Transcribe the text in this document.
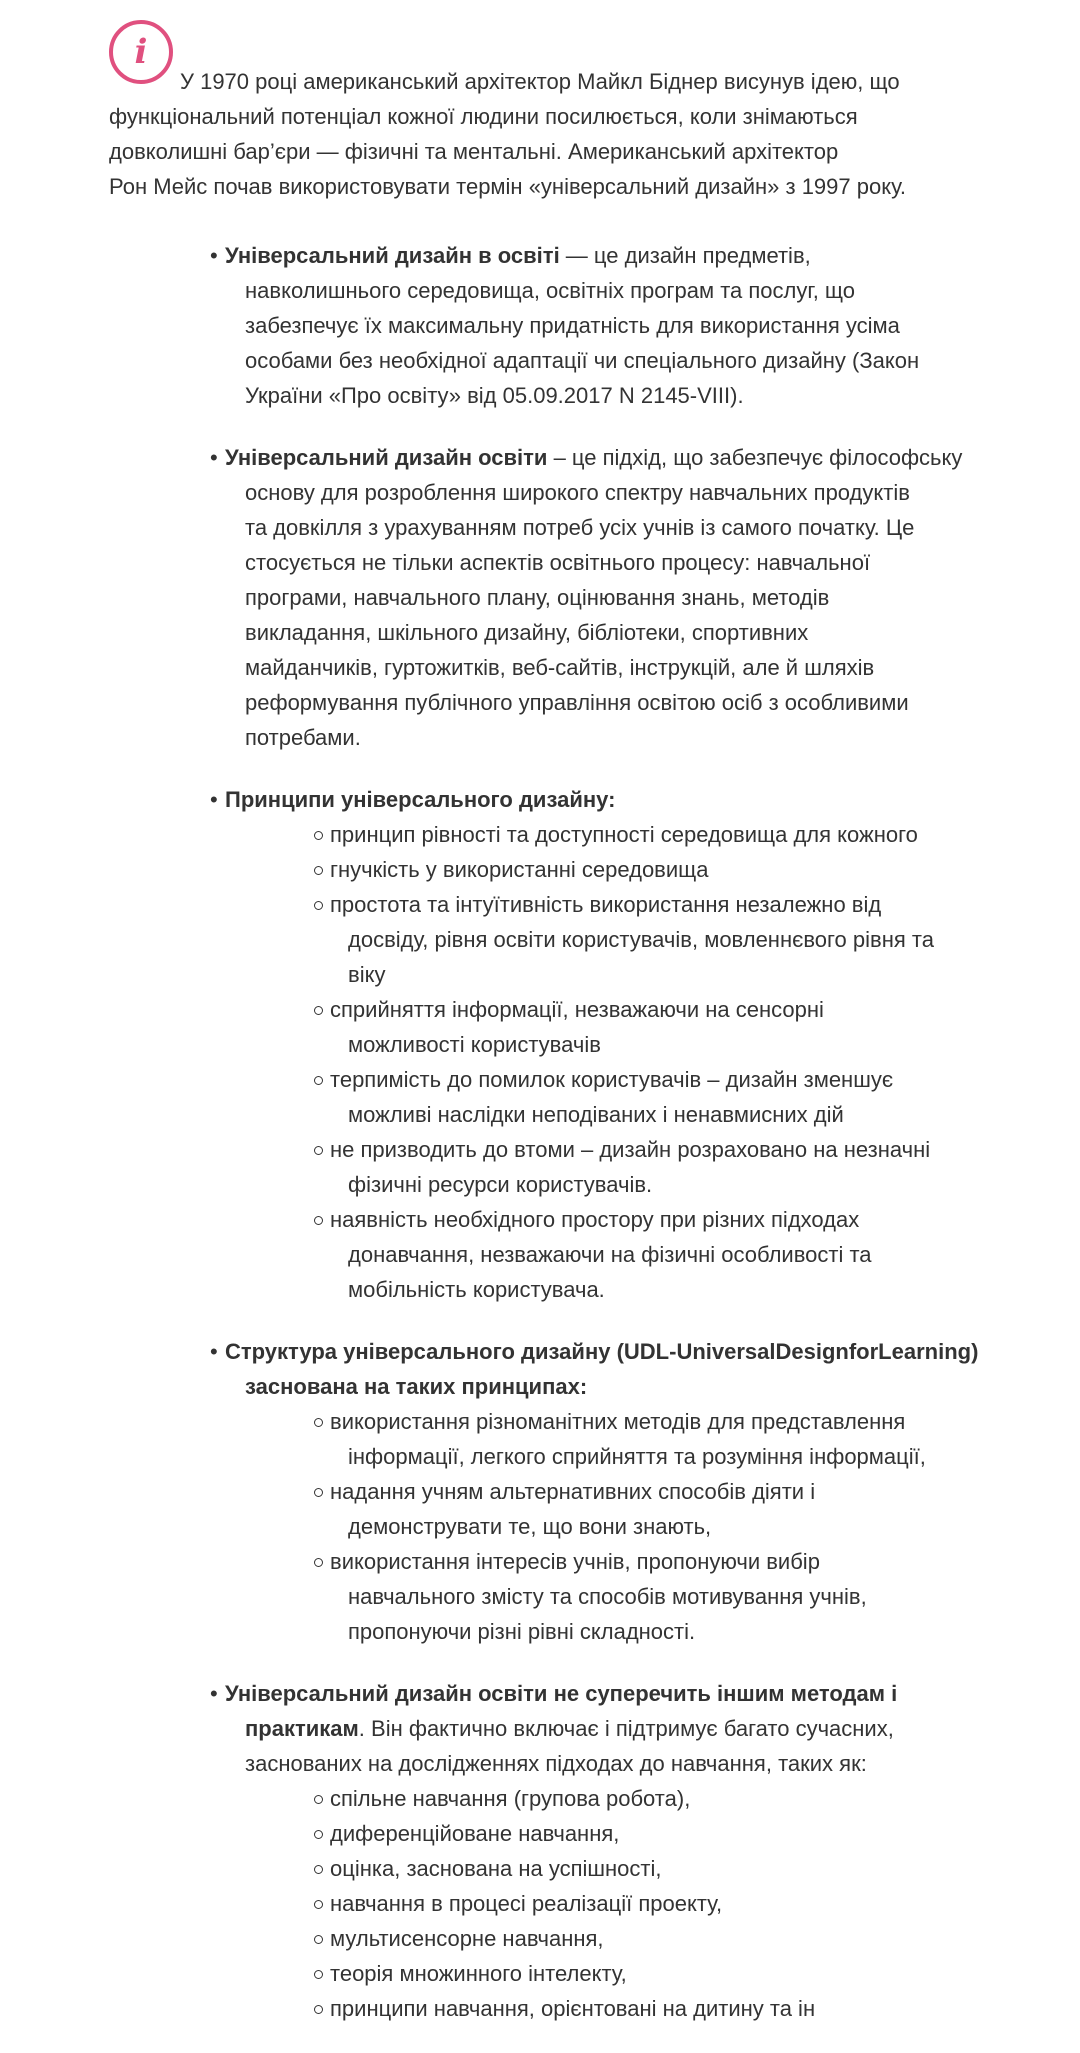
i
У 1970 році американський архітектор Майкл Біднер висунув ідею, що
функціональний потенціал кожної людини посилюється, коли знімаються
довколишні бар’єри — фізичні та ментальні. Американський архітектор
Рон Мейс почав використовувати термін «універсальний дизайн» з 1997 року.
• Універсальний дизайн в освіті — це дизайн предметів,
навколишнього середовища, освітніх програм та послуг, що
забезпечує їх максимальну придатність для використання усіма
особами без необхідної адаптації чи спеціального дизайну (Закон
України «Про освіту» від 05.09.2017 N 2145-VIII).
• Універсальний дизайн освіти – це підхід, що забезпечує філософську
основу для розроблення широкого спектру навчальних продуктів
та довкілля з урахуванням потреб усіх учнів із самого початку. Це
стосується не тільки аспектів освітнього процесу: навчальної
програми, навчального плану, оцінювання знань, методів
викладання, шкільного дизайну, бібліотеки, спортивних
майданчиків, гуртожитків, веб-сайтів, інструкцій, але й шляхів
реформування публічного управління освітою осіб з особливими
потребами.
• Принципи універсального дизайну:
принцип рівності та доступності середовища для кожного
гнучкість у використанні середовища
простота та інтуїтивність використання незалежно від
досвіду, рівня освіти користувачів, мовленнєвого рівня та
віку
сприйняття інформації, незважаючи на сенсорні
можливості користувачів
терпимість до помилок користувачів – дизайн зменшує
можливі наслідки неподіваних і ненавмисних дій
не призводить до втоми – дизайн розраховано на незначні
фізичні ресурси користувачів.
наявність необхідного простору при різних підходах
донавчання, незважаючи на фізичні особливості та
мобільність користувача.
• Структура універсального дизайну (UDL-UniversalDesignforLearning)
заснована на таких принципах:
використання різноманітних методів для представлення
інформації, легкого сприйняття та розуміння інформації,
надання учням альтернативних способів діяти і
демонструвати те, що вони знають,
використання інтересів учнів, пропонуючи вибір
навчального змісту та способів мотивування учнів,
пропонуючи різні рівні складності.
• Універсальний дизайн освіти не суперечить іншим методам і
практикам. Він фактично включає і підтримує багато сучасних,
заснованих на дослідженнях підходах до навчання, таких як:
спільне навчання (групова робота),
диференційоване навчання,
оцінка, заснована на успішності,
навчання в процесі реалізації проекту,
мультисенсорне навчання,
теорія множинного інтелекту,
принципи навчання, орієнтовані на дитину та ін
